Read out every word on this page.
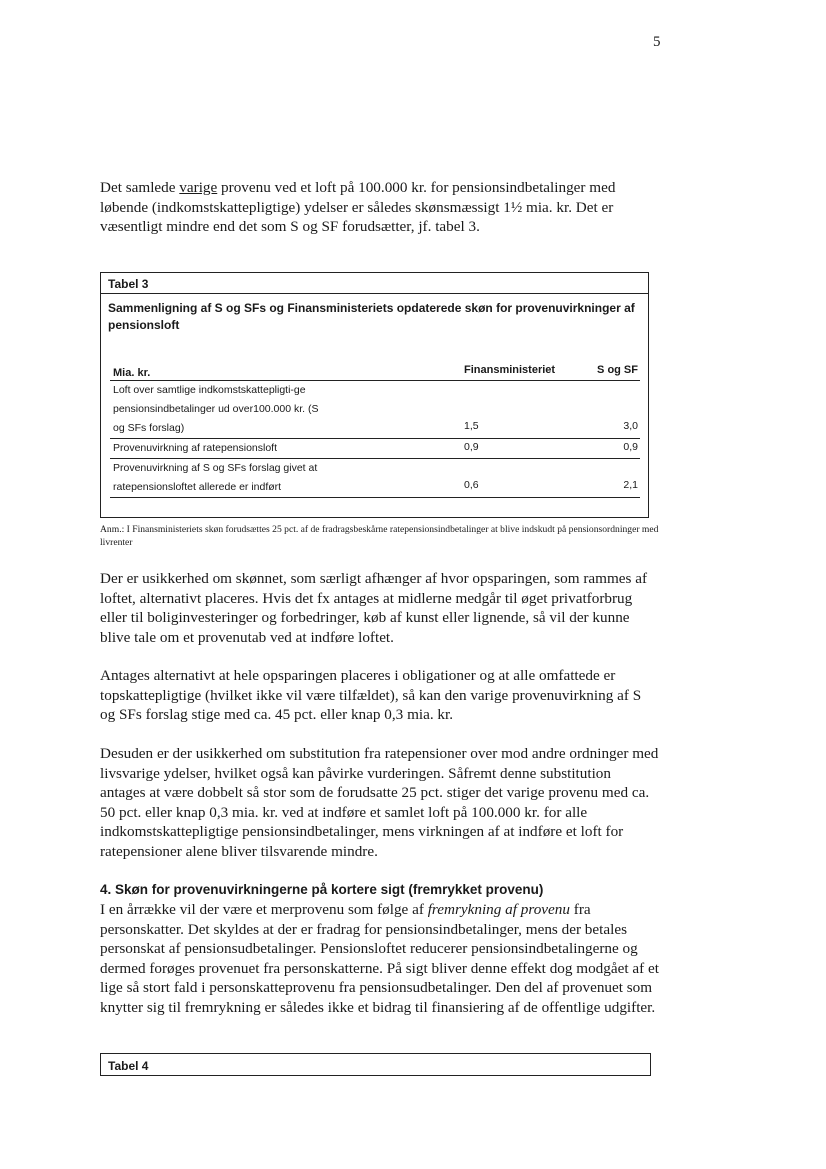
5

Det samlede varige provenu ved et loft på 100.000 kr. for pensionsindbetalinger med løbende (indkomstskattepligtige) ydelser er således skønsmæssigt 1½ mia. kr. Det er væsentligt mindre end det som S og SF forudsætter, jf. tabel 3.

Tabel 3
Sammenligning af S og SFs og Finansministeriets opdaterede skøn for provenuvirkninger af pensionsloft
Mia. kr.	Finansministeriet	S og SF
Loft over samtlige indkomstskattepligti-ge pensionsindbetalinger ud over100.000 kr. (S og SFs forslag)	1,5	3,0
Provenuvirkning af ratepensionsloft	0,9	0,9
Provenuvirkning af S og SFs forslag givet at ratepensionsloftet allerede er indført	0,6	2,1
Anm.: I Finansministeriets skøn forudsættes 25 pct. af de fradragsbeskårne ratepensionsindbetalinger at blive indskudt på pensionsordninger med livrenter

Der er usikkerhed om skønnet, som særligt afhænger af hvor opsparingen, som rammes af loftet, alternativt placeres. Hvis det fx antages at midlerne medgår til øget privatforbrug eller til boliginvesteringer og forbedringer, køb af kunst eller lignende, så vil der kunne blive tale om et provenutab ved at indføre loftet.

Antages alternativt at hele opsparingen placeres i obligationer og at alle omfattede er topskattepligtige (hvilket ikke vil være tilfældet), så kan den varige provenuvirkning af S og SFs forslag stige med ca. 45 pct. eller knap 0,3 mia. kr.

Desuden er der usikkerhed om substitution fra ratepensioner over mod andre ordninger med livsvarige ydelser, hvilket også kan påvirke vurderingen. Såfremt denne substitution antages at være dobbelt så stor som de forudsatte 25 pct. stiger det varige provenu med ca. 50 pct. eller knap 0,3 mia. kr. ved at indføre et samlet loft på 100.000 kr. for alle indkomstskattepligtige pensionsindbetalinger, mens virkningen af at indføre et loft for ratepensioner alene bliver tilsvarende mindre.

4. Skøn for provenuvirkningerne på kortere sigt (fremrykket provenu)

I en årrække vil der være et merprovenu som følge af fremrykning af provenu fra personskatter. Det skyldes at der er fradrag for pensionsindbetalinger, mens der betales personskat af pensionsudbetalinger. Pensionsloftet reducerer pensionsindbetalingerne og dermed forøges provenuet fra personskatterne. På sigt bliver denne effekt dog modgået af et lige så stort fald i personskatteprovenu fra pensionsudbetalinger. Den del af provenuet som knytter sig til fremrykning er således ikke et bidrag til finansiering af de offentlige udgifter.

Tabel 4
